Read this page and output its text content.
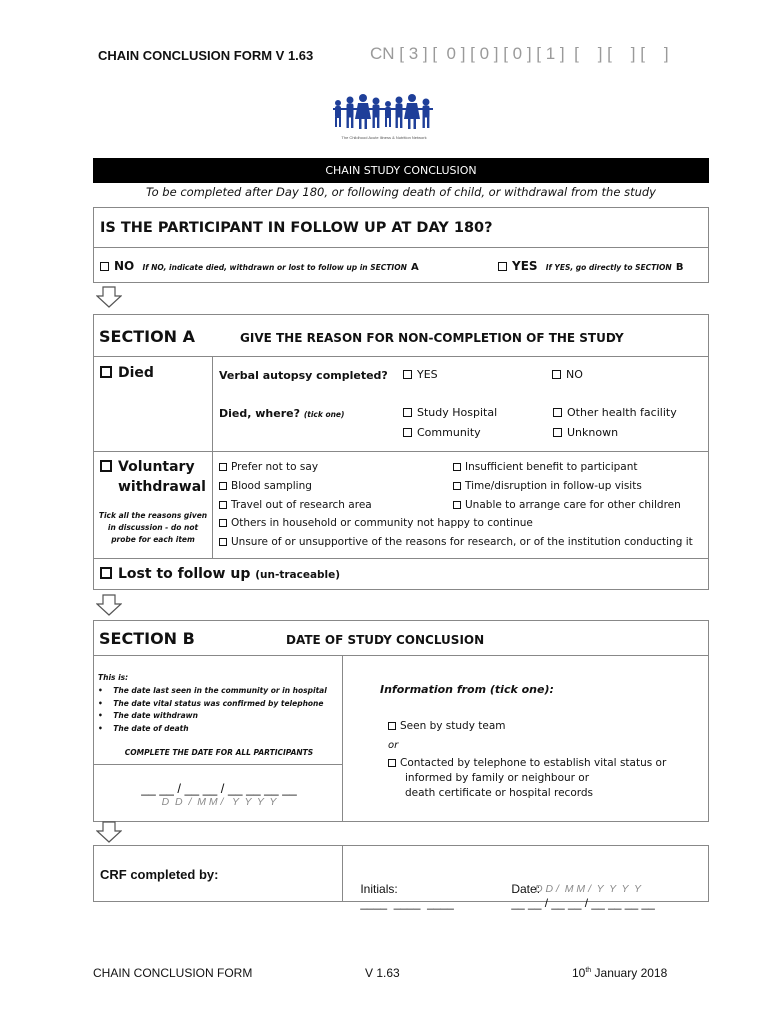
CHAIN CONCLUSION FORM V 1.63	CN [ 3 ] [  0 ] [ 0 ] [ 0 ] [ 1 ]  [    ] [    ] [    ]
The Childhood Acute Illness & Nutrition Network
CHAIN STUDY CONCLUSION
To be completed after Day 180, or following death of child, or withdrawal from the study
IS THE PARTICIPANT IN FOLLOW UP AT DAY 180?
NO If NO, indicate died, withdrawn or lost to follow up in SECTION A	YES If YES, go directly to SECTION B
SECTION A	GIVE THE REASON FOR NON-COMPLETION OF THE STUDY
Died	Verbal autopsy completed?	YES	NO
Died, where? (tick one)	Study Hospital	Other health facility
Community	Unknown
Voluntary
withdrawal
Tick all the reasons given in discussion - do not probe for each item
Prefer not to say
Blood sampling
Travel out of research area
Insufficient benefit to participant
Time/disruption in follow-up visits
Unable to arrange care for other children
Others in household or community not happy to continue
Unsure of or unsupportive of the reasons for research, or of the institution conducting it
Lost to follow up (un-traceable)
SECTION B	DATE OF STUDY CONCLUSION
This is:
•    The date last seen in the community or in hospital
•    The date vital status was confirmed by telephone
•    The date withdrawn
•    The date of death
COMPLETE THE DATE FOR ALL PARTICIPANTS
__ __ / __ __ / __ __ __ __
D  D  /  M M /   Y  Y  Y  Y
Information from (tick one):
Seen by study team
or
Contacted by telephone to establish vital status or
informed by family or neighbour or
death certificate or hospital records
CRF completed by:

Initials:
____  ____  ____

Date:
__ __ / __ __ / __ __ __ __

D D /  M M /  Y  Y  Y  Y
CHAIN CONCLUSION FORM	V 1.63	10th January 2018
